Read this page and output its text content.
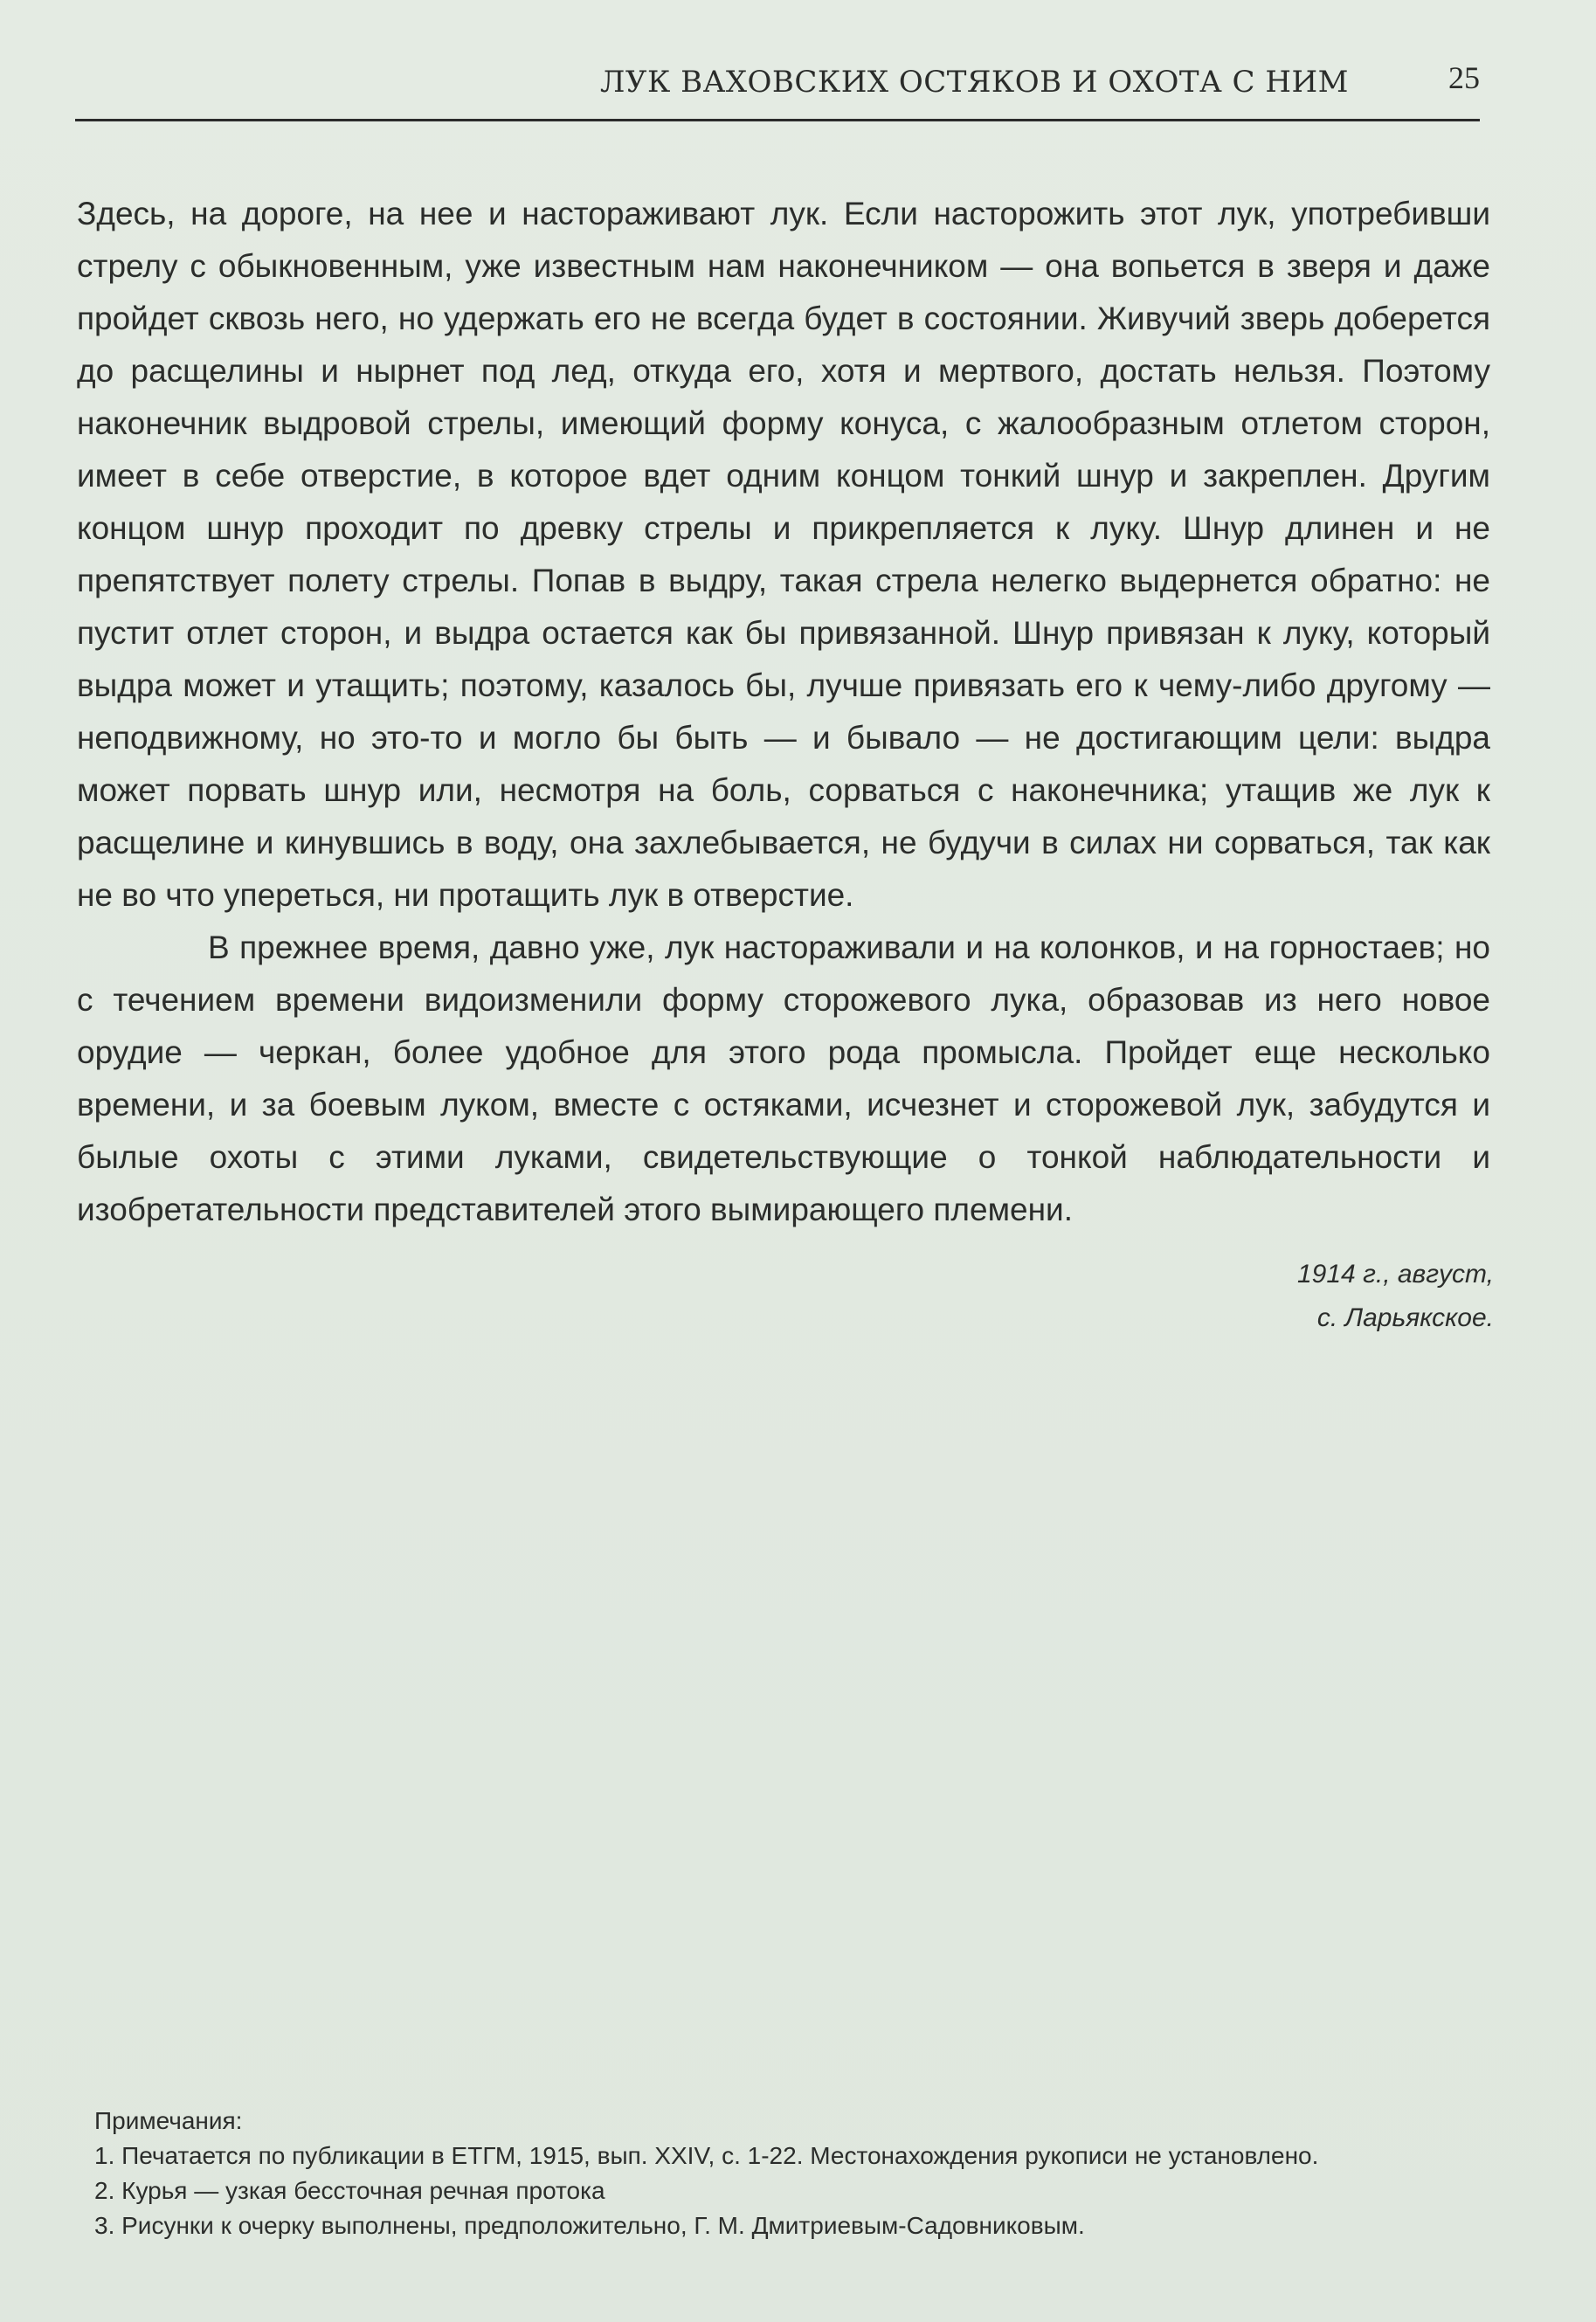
ЛУК ВАХОВСКИХ ОСТЯКОВ И ОХОТА С НИМ	25

Здесь, на дороге, на нее и настораживают лук. Если насторожить этот лук, употребивши стрелу с обыкновенным, уже известным нам наконечником — она вопьется в зверя и даже пройдет сквозь него, но удержать его не всегда будет в состоянии. Живучий зверь доберется до расщелины и нырнет под лед, откуда его, хотя и мертвого, достать нельзя. Поэтому наконечник выдровой стрелы, имеющий форму конуса, с жалообразным отлетом сторон, имеет в себе отверстие, в которое вдет одним концом тонкий шнур и закреплен. Другим концом шнур проходит по древку стрелы и прикрепляется к луку. Шнур длинен и не препятствует полету стрелы. Попав в выдру, такая стрела нелегко выдернется обратно: не пустит отлет сторон, и выдра остается как бы привязанной. Шнур привязан к луку, который выдра может и утащить; поэтому, казалось бы, лучше привязать его к чему-либо другому — неподвижному, но это-то и могло бы быть — и бывало — не достигающим цели: выдра может порвать шнур или, несмотря на боль, сорваться с наконечника; утащив же лук к расщелине и кинувшись в воду, она захлебывается, не будучи в силах ни сорваться, так как не во что упереться, ни протащить лук в отверстие.

В прежнее время, давно уже, лук настораживали и на колонков, и на горностаев; но с течением времени видоизменили форму сторожевого лука, образовав из него новое орудие — черкан, более удобное для этого рода промысла. Пройдет еще несколько времени, и за боевым луком, вместе с остяками, исчезнет и сторожевой лук, забудутся и былые охоты с этими луками, свидетельствующие о тонкой наблюдательности и изобретательности представителей этого вымирающего племени.

1914 г., август,
с. Ларьякское.
Примечания:
1. Печатается по публикации в ЕТГМ, 1915, вып. XXIV, с. 1-22. Местонахождения рукописи не установлено.
2. Курья — узкая бессточная речная протока
3. Рисунки к очерку выполнены, предположительно, Г. М. Дмитриевым-Садовниковым.
